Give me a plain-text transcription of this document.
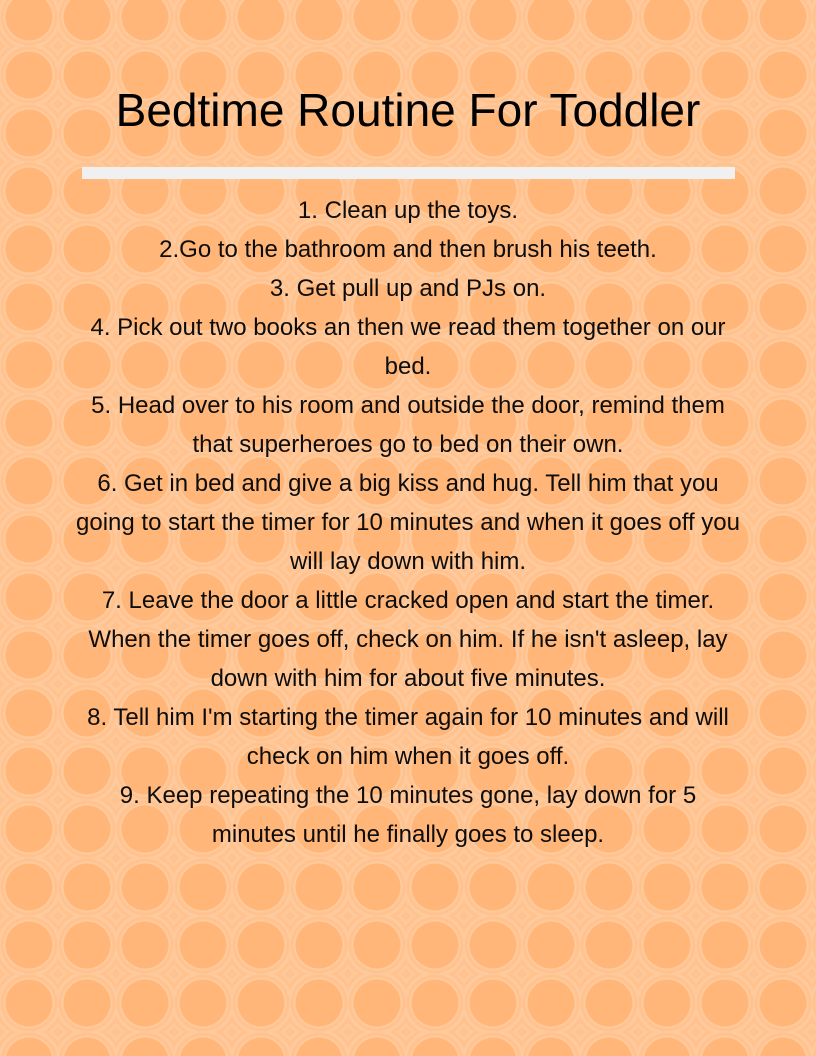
Bedtime Routine For Toddler

1. Clean up the toys.

2.Go to the bathroom and then brush his teeth.

3. Get pull up and PJs on.

4. Pick out two books an then we read them together on our bed.

5. Head over to his room and outside the door, remind them that superheroes go to bed on their own.

6. Get in bed and give a big kiss and hug. Tell him that you going to start the timer for 10 minutes and when it goes off you will lay down with him.

7. Leave the door a little cracked open and start the timer. When the timer goes off, check on him. If he isn't asleep, lay down with him for about five minutes.

8. Tell him I'm starting the timer again for 10 minutes and will check on him when it goes off.

9. Keep repeating the 10 minutes gone, lay down for 5 minutes until he finally goes to sleep.
